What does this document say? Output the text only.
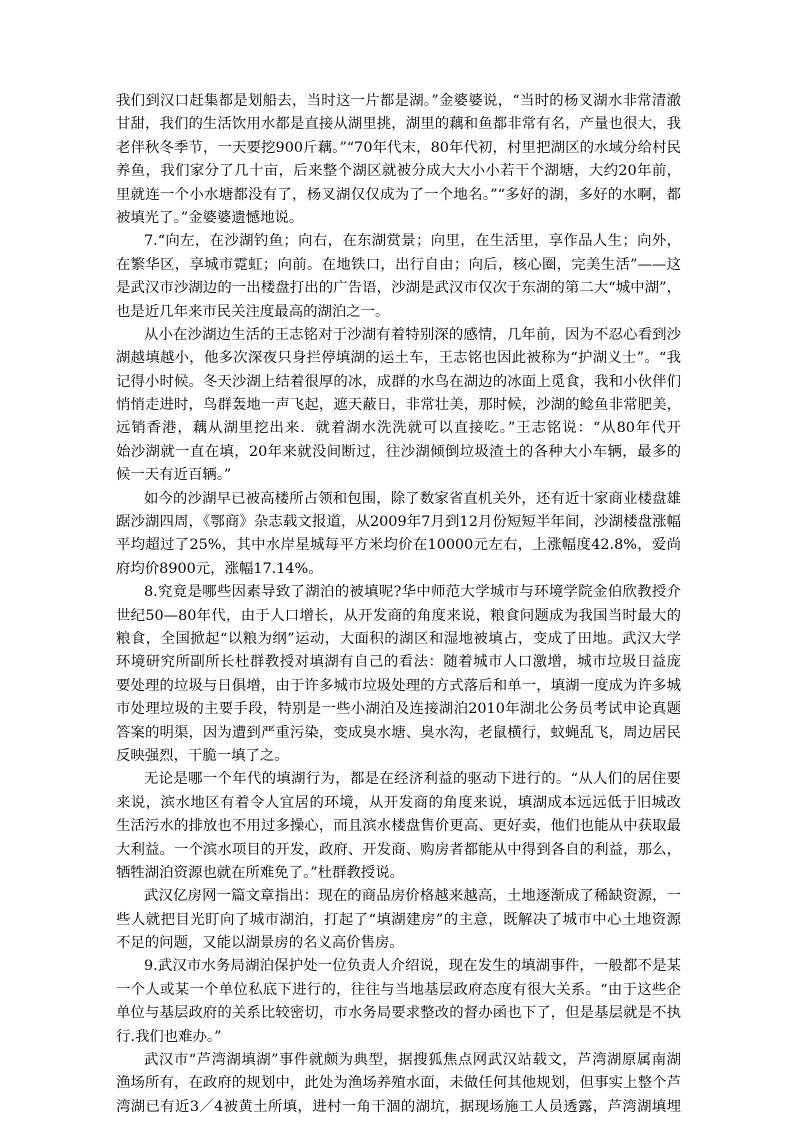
我们到汉口赶集都是划船去，当时这一片都是湖。”金婆婆说，“当时的杨叉湖水非常清澈
甘甜，我们的生活饮用水都是直接从湖里挑，湖里的藕和鱼都非常有名，产量也很大，我
老伴秋冬季节，一天要挖900斤藕。”“70年代末，80年代初，村里把湖区的水域分给村民
养鱼，我们家分了几十亩，后来整个湖区就被分成大大小小若干个湖塘，大约20年前，
里就连一个小水塘都没有了，杨叉湖仅仅成为了一个地名。”“多好的湖，多好的水啊，都
被填光了。”金婆婆遗憾地说。
7.“向左，在沙湖钓鱼；向右，在东湖赏景；向里，在生活里，享作品人生；向外，
在繁华区，享城市霓虹；向前。在地铁口，出行自由；向后，核心圈，完美生活”——这
是武汉市沙湖边的一出楼盘打出的广告语，沙湖是武汉市仅次于东湖的第二大“城中湖”，
也是近几年来市民关注度最高的湖泊之一。
从小在沙湖边生活的王志铭对于沙湖有着特别深的感情，几年前，因为不忍心看到沙
湖越填越小，他多次深夜只身拦停填湖的运土车，王志铭也因此被称为“护湖义士”。“我
记得小时候。冬天沙湖上结着很厚的冰，成群的水鸟在湖边的冰面上觅食，我和小伙伴们
悄悄走进时，鸟群轰地一声飞起，遮天蔽日，非常壮美，那时候，沙湖的鲶鱼非常肥美，
远销香港，藕从湖里挖出来．就着湖水洗洗就可以直接吃。”王志铭说：“从80年代开
始沙湖就一直在填，20年来就没间断过，往沙湖倾倒垃圾渣土的各种大小车辆，最多的
候一天有近百辆。”
如今的沙湖早已被高楼所占领和包围，除了数家省直机关外，还有近十家商业楼盘雄
踞沙湖四周，《鄂商》杂志载文报道，从2009年7月到12月份短短半年间，沙湖楼盘涨幅
平均超过了25%，其中水岸星城每平方米均价在10000元左右，上涨幅度42.8%，爱尚
府均价8900元，涨幅17.14%。
8.究竟是哪些因素导致了湖泊的被填呢?华中师范大学城市与环境学院金伯欣教授介
世纪50—80年代，由于人口增长，从开发商的角度来说，粮食问题成为我国当时最大的
粮食，全国掀起“以粮为纲”运动，大面积的湖区和湿地被填占，变成了田地。武汉大学
环境研究所副所长杜群教授对填湖有自己的看法：随着城市人口激增，城市垃圾日益庞
要处理的垃圾与日俱增，由于许多城市垃圾处理的方式落后和单一，填湖一度成为许多城
市处理垃圾的主要手段，特别是一些小湖泊及连接湖泊2010年湖北公务员考试申论真题
答案的明渠，因为遭到严重污染，变成臭水塘、臭水沟，老鼠横行，蚊蝇乱飞，周边居民
反映强烈，干脆一填了之。
无论是哪一个年代的填湖行为，都是在经济利益的驱动下进行的。“从人们的居住要
来说，滨水地区有着令人宜居的环境，从开发商的角度来说，填湖成本远远低于旧城改
生活污水的排放也不用过多操心，而且滨水楼盘售价更高、更好卖，他们也能从中获取最
大利益。一个滨水项目的开发，政府、开发商、购房者都能从中得到各自的利益，那么，
牺牲湖泊资源也就在所难免了。”杜群教授说。
武汉亿房网一篇文章指出：现在的商品房价格越来越高，土地逐渐成了稀缺资源，一
些人就把目光盯向了城市湖泊，打起了“填湖建房”的主意，既解决了城市中心土地资源
不足的问题，又能以湖景房的名义高价售房。
9.武汉市水务局湖泊保护处一位负责人介绍说，现在发生的填湖事件，一般都不是某
一个人或某一个单位私底下进行的，往往与当地基层政府态度有很大关系。“由于这些企
单位与基层政府的关系比较密切，市水务局要求整改的督办函也下了，但是基层就是不执
行.我们也难办。”
武汉市“芦湾湖填湖”事件就颇为典型，据搜狐焦点网武汉站载文，芦湾湖原属南湖
渔场所有，在政府的规划中，此处为渔场养殖水面，未做任何其他规划，但事实上整个芦
湾湖已有近3／4被黄土所填，进村一角干涸的湖坑，据现场施工人员透露，芦湾湖填埋
